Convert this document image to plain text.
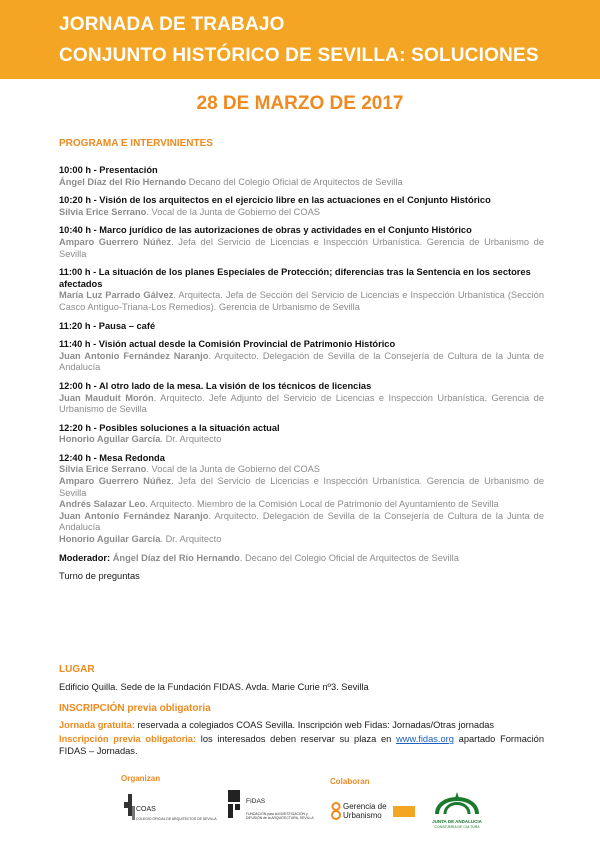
JORNADA DE TRABAJO
CONJUNTO HISTÓRICO DE SEVILLA: SOLUCIONES
28 DE MARZO DE 2017
PROGRAMA E INTERVINIENTES
10:00 h - Presentación
Ángel Díaz del Río Hernando Decano del Colegio Oficial de Arquitectos de Sevilla
10:20 h - Visión de los arquitectos en el ejercicio libre en las actuaciones en el Conjunto Histórico
Silvia Erice Serrano. Vocal de la Junta de Gobierno del COAS
10:40 h - Marco jurídico de las autorizaciones de obras y actividades en el Conjunto Histórico
Amparo Guerrero Núñez. Jefa del Servicio de Licencias e Inspección Urbanística. Gerencia de Urbanismo de Sevilla
11:00 h - La situación de los planes Especiales de Protección; diferencias tras la Sentencia en los sectores afectados
María Luz Parrado Gálvez. Arquitecta. Jefa de Sección del Servicio de Licencias e Inspección Urbanística (Sección Casco Antiguo-Triana-Los Remedios). Gerencia de Urbanismo de Sevilla
11:20 h - Pausa – café
11:40 h - Visión actual desde la Comisión Provincial de Patrimonio Histórico
Juan Antonio Fernández Naranjo. Arquitecto. Delegación de Sevilla de la Consejería de Cultura de la Junta de Andalucía
12:00 h - Al otro lado de la mesa. La visión de los técnicos de licencias
Juan Mauduit Morón. Arquitecto. Jefe Adjunto del Servicio de Licencias e Inspección Urbanística. Gerencia de Urbanismo de Sevilla
12:20 h - Posibles soluciones a la situación actual
Honorio Aguilar García. Dr. Arquitecto
12:40 h - Mesa Redonda
Silvia Erice Serrano. Vocal de la Junta de Gobierno del COAS
Amparo Guerrero Núñez. Jefa del Servicio de Licencias e Inspección Urbanística. Gerencia de Urbanismo de Sevilla
Andrés Salazar Leo. Arquitecto. Miembro de la Comisión Local de Patrimonio del Ayuntamiento de Sevilla
Juan Antonio Fernández Naranjo. Arquitecto. Delegación de Sevilla de la Consejería de Cultura de la Junta de Andalucía
Honorio Aguilar García. Dr. Arquitecto
Moderador: Ángel Díaz del Río Hernando. Decano del Colegio Oficial de Arquitectos de Sevilla
Turno de preguntas
LUGAR
Edificio Quilla. Sede de la Fundación FIDAS. Avda. Marie Curie nº3. Sevilla
INSCRIPCIÓN previa obligatoria
Jornada gratuita: reservada a colegiados COAS Sevilla. Inscripción web Fidas: Jornadas/Otras jornadas
Inscripción previa obligatoria: los interesados deben reservar su plaza en www.fidas.org apartado Formación FIDAS – Jornadas.
Organizan	Colaboran
COAS
COLEGIO OFICIAL DE ARQUITECTOS DE SEVILLA
FIDAS
FUNDACIÓN para la INVESTIGACIÓN y DIFUSIÓN de la ARQUITECTURA, SEVILLA
Gerencia de
Urbanismo
JUNTA DE ANDALUCIA
CONSEJERÍA DE CULTURA
